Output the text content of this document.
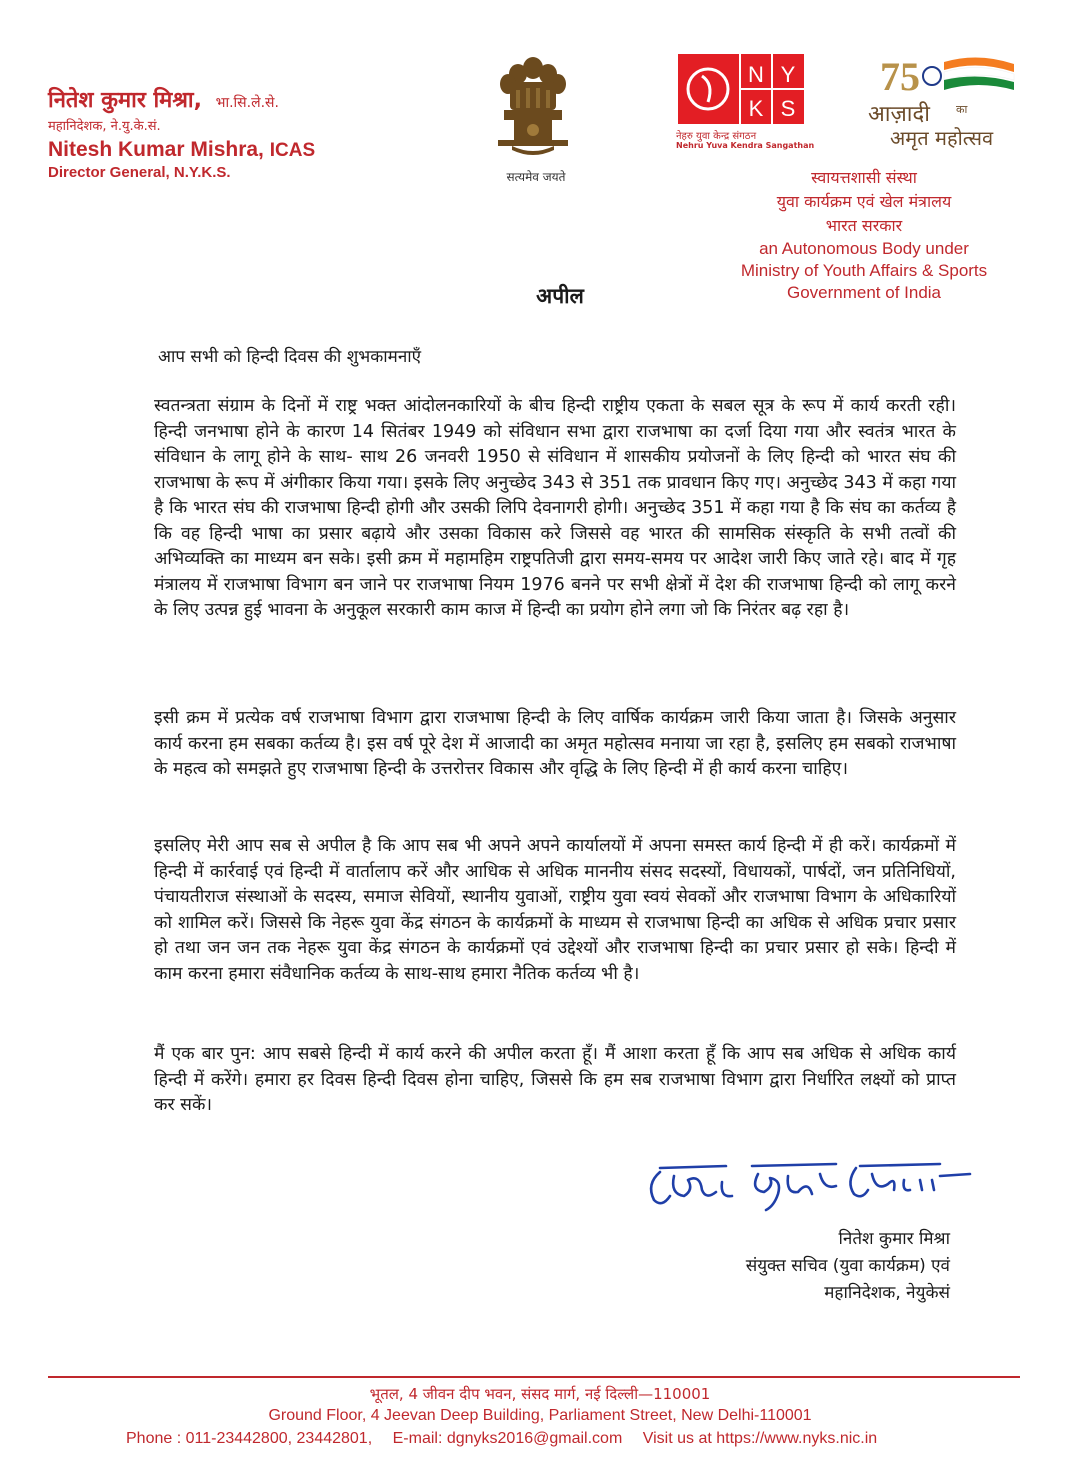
नितेश कुमार मिश्रा, भा.सि.ले.से.
महानिदेशक, ने.यु.के.सं.
Nitesh Kumar Mishra, ICAS
Director General, N.Y.K.S.	सत्यमेव जयते
N Y
K S
नेहरु युवा केन्द्र संगठन
Nehru Yuva Kendra Sangathan
75
आज़ादी का
अमृत महोत्सव
स्वायत्तशासी संस्था
युवा कार्यक्रम एवं खेल मंत्रालय
भारत सरकार
an Autonomous Body under
Ministry of Youth Affairs & Sports
Government of India
अपील
आप सभी को हिन्दी दिवस की शुभकामनाएँ
स्वतन्त्रता संग्राम के दिनों में राष्ट्र भक्त आंदोलनकारियों के बीच हिन्दी राष्ट्रीय एकता के सबल सूत्र के रूप में कार्य करती रही। हिन्दी जनभाषा होने के कारण 14 सितंबर 1949 को संविधान सभा द्वारा राजभाषा का दर्जा दिया गया और स्वतंत्र भारत के संविधान के लागू होने के साथ- साथ 26 जनवरी 1950 से संविधान में शासकीय प्रयोजनों के लिए हिन्दी को भारत संघ की राजभाषा के रूप में अंगीकार किया गया। इसके लिए अनुच्छेद 343 से 351 तक प्रावधान किए गए। अनुच्छेद 343 में कहा गया है कि भारत संघ की राजभाषा हिन्दी होगी और उसकी लिपि देवनागरी होगी। अनुच्छेद 351 में कहा गया है कि संघ का कर्तव्य है कि वह हिन्दी भाषा का प्रसार बढ़ाये और उसका विकास करे जिससे वह भारत की सामसिक संस्कृति के सभी तत्वों की अभिव्यक्ति का माध्यम बन सके। इसी क्रम में महामहिम राष्ट्रपतिजी द्वारा समय-समय पर आदेश जारी किए जाते रहे। बाद में गृह मंत्रालय में राजभाषा विभाग बन जाने पर राजभाषा नियम 1976 बनने पर सभी क्षेत्रों में देश की राजभाषा हिन्दी को लागू करने के लिए उत्पन्न हुई भावना के अनुकूल सरकारी काम काज में हिन्दी का प्रयोग होने लगा जो कि निरंतर बढ़ रहा है।
इसी क्रम में प्रत्येक वर्ष राजभाषा विभाग द्वारा राजभाषा हिन्दी के लिए वार्षिक कार्यक्रम जारी किया जाता है। जिसके अनुसार कार्य करना हम सबका कर्तव्य है। इस वर्ष पूरे देश में आजादी का अमृत महोत्सव मनाया जा रहा है, इसलिए हम सबको राजभाषा के महत्व को समझते हुए राजभाषा हिन्दी के उत्तरोत्तर विकास और वृद्धि के लिए हिन्दी में ही कार्य करना चाहिए।
इसलिए मेरी आप सब से अपील है कि आप सब भी अपने अपने कार्यालयों में अपना समस्त कार्य हिन्दी में ही करें। कार्यक्रमों में हिन्दी में कार्रवाई एवं हिन्दी में वार्तालाप करें और आधिक से अधिक माननीय संसद सदस्यों, विधायकों, पार्षदों, जन प्रतिनिधियों, पंचायतीराज संस्थाओं के सदस्य, समाज सेवियों, स्थानीय युवाओं, राष्ट्रीय युवा स्वयं सेवकों और राजभाषा विभाग के अधिकारियों को शामिल करें। जिससे कि नेहरू युवा केंद्र संगठन के कार्यक्रमों के माध्यम से राजभाषा हिन्दी का अधिक से अधिक प्रचार प्रसार हो तथा जन जन तक नेहरू युवा केंद्र संगठन के कार्यक्रमों एवं उद्देश्यों और राजभाषा हिन्दी का प्रचार प्रसार हो सके। हिन्दी में काम करना हमारा संवैधानिक कर्तव्य के साथ-साथ हमारा नैतिक कर्तव्य भी है।
मैं एक बार पुन: आप सबसे हिन्दी में कार्य करने की अपील करता हूँ। मैं आशा करता हूँ कि आप सब अधिक से अधिक कार्य हिन्दी में करेंगे। हमारा हर दिवस हिन्दी दिवस होना चाहिए, जिससे कि हम सब राजभाषा विभाग द्वारा निर्धारित लक्ष्यों को प्राप्त कर सकें।
नितेश कुमार मिश्रा
संयुक्त सचिव (युवा कार्यक्रम) एवं
महानिदेशक, नेयुकेसं
भूतल, 4 जीवन दीप भवन, संसद मार्ग, नई दिल्ली—110001
Ground Floor, 4 Jeevan Deep Building, Parliament Street, New Delhi-110001
Phone : 011-23442800, 23442801, E-mail: dgnyks2016@gmail.com Visit us at https://www.nyks.nic.in
